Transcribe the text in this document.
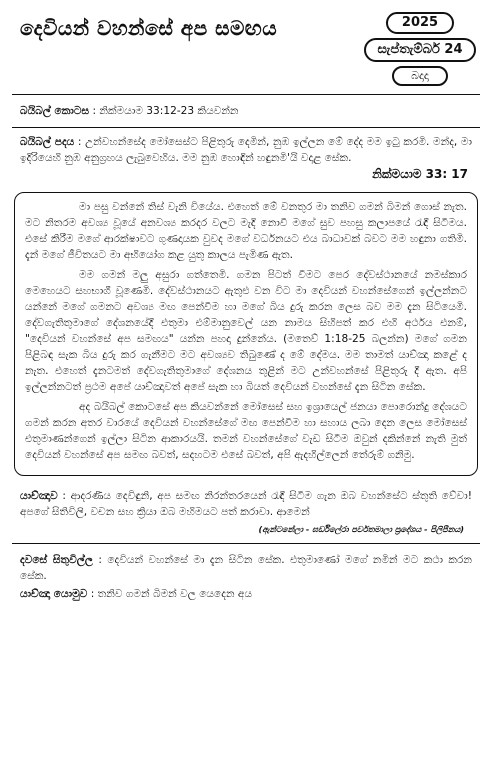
දෙවියන් වහන්සේ අප සමඟය	2025
සැප්තැම්බර් 24
බදාදා
බයිබල් කොටස : නික්මයාම 33:12-23 කියවන්න
බයිබල් පදය : උන්වහන්සේද මෝසෙස්ට පිළිතුරු දෙමින්, නුඹ ඉල්ලන මේ දේද මම ඉටු කරමි. මන්ද, මා ඉදිරියෙහි නුඹ අනුග්‍රහය ලැබුවෙහිය. මම නුඹ හොඳින් හඳුනමි'යි වදාළ සේක.
නික්මයාම 33: 17

මා පසු වන්නේ තිස් වැනි වියේය. එහෙත් මේ වනතුර මා තනිව ගමන් බිමන් ගොස් නැත. මට නිතරම අවශ්‍ය වූයේ අනවශ්‍ය කරදර වලට මැදි නොවී මගේ සුව පහසු කලාපයේ රැඳී සිටීමය. එසේ කිරීම මගේ ආරක්ෂාවට ගුණදායක වුවද මගේ වර්ධනයට එය බාධාවක් බවට මම හඳුනා ගතිමි. දැන් මගේ ජීවිතයට මා අභියෝග කළ යුතු කාලය පැමිණ ඇත.

මම ගමන් මලු අසුරා ගත්තෙමි. ගමන පිටත් වීමට පෙර දේවස්ථානයේ නමස්කාර මෙහෙයට සහභාගී වූණෙමි. දේවස්ථානයට ඇතුළු වන විට මා දෙවියන් වහන්සේගෙන් ඉල්ලන්නට යන්නේ මගේ ගමනට අවශ්‍ය මඟ පෙන්වීම හා මගේ බිය දුරු කරන ලෙස බව මම දැන සිටියෙමි. දේවගැතිතුමාගේ දේශනයේදී එතුමා එම්මානුවෙල් යන නාමය සිහිපත් කර එහි අර්ථය එනම්, "දෙවියන් වහන්සේ අප සමඟය" යන්න පහදා දුන්නේය. (මතෙව් 1:18-25 බලන්න) මගේ ගමන පිළිබඳ සැක බිය දුරු කර ගැනීමට මට අවශ්‍යව තිබුණේ ද මේ දේමය. මම තාමත් යාච්ඤා කළේ ද නැත. එහෙත් දැනටමත් දේවගැතිතුමාගේ දේශනය තුළින් මට උන්වහන්සේ පිළිතුරු දී ඇත. අපි ඉල්ලන්නටත් ප්‍රථම අපේ යාච්ඤාවත් අපේ සැක හා බියත් දෙවියන් වහන්සේ දැන සිටින සේක.

අද බයිබල් කොටසේ අප කියවන්නේ මෝසෙස් සහ ඉශ්‍රායෙල් ජනයා පොරොන්දු දේශයට ගමන් කරන අතර වාරයේ දෙවියන් වහන්සේගේ මඟ පෙන්වීම හා සහාය ලබා දෙන ලෙස මෝසෙස් එතුමාණන්ගෙන් ඉල්ලා සිටින ආකාරයයි. තමන් වහන්සේගේ වැඩ සිටීම ඔවුන් දකින්නේ නැති මුත් දෙවියන් වහන්සේ අප සමඟ බවත්, සදහටම එසේ බවත්, අපි ඇදහිල්ලෙන් තේරුම් ගනිමු.

යාච්ඤාව : ආදරණීය දෙවිඳුනි, අප සමඟ නිරන්තරයෙන් රැඳී සිටීම ගැන ඔබ වහන්සේට ස්තුති වේවා! අපගේ සිතිවිලි, වචන සහ ක්‍රියා ඔබ මහිමයට පත් කරාවා. ආමෙන්
(ඇන්ටනේලා - ඝර්ඩිලේරා පර්වතමාලා ප්‍රදේශය - පිලිපීනය)
දවසේ සිතුවිල්ල : දෙවියන් වහන්සේ මා දැන සිටින සේක. එතුමාණෝ මගේ නමින් මට කථා කරන සේක.
යාච්ඤා යොමුව : තනිව ගමන් බිමන් වල යෙදෙන අය
